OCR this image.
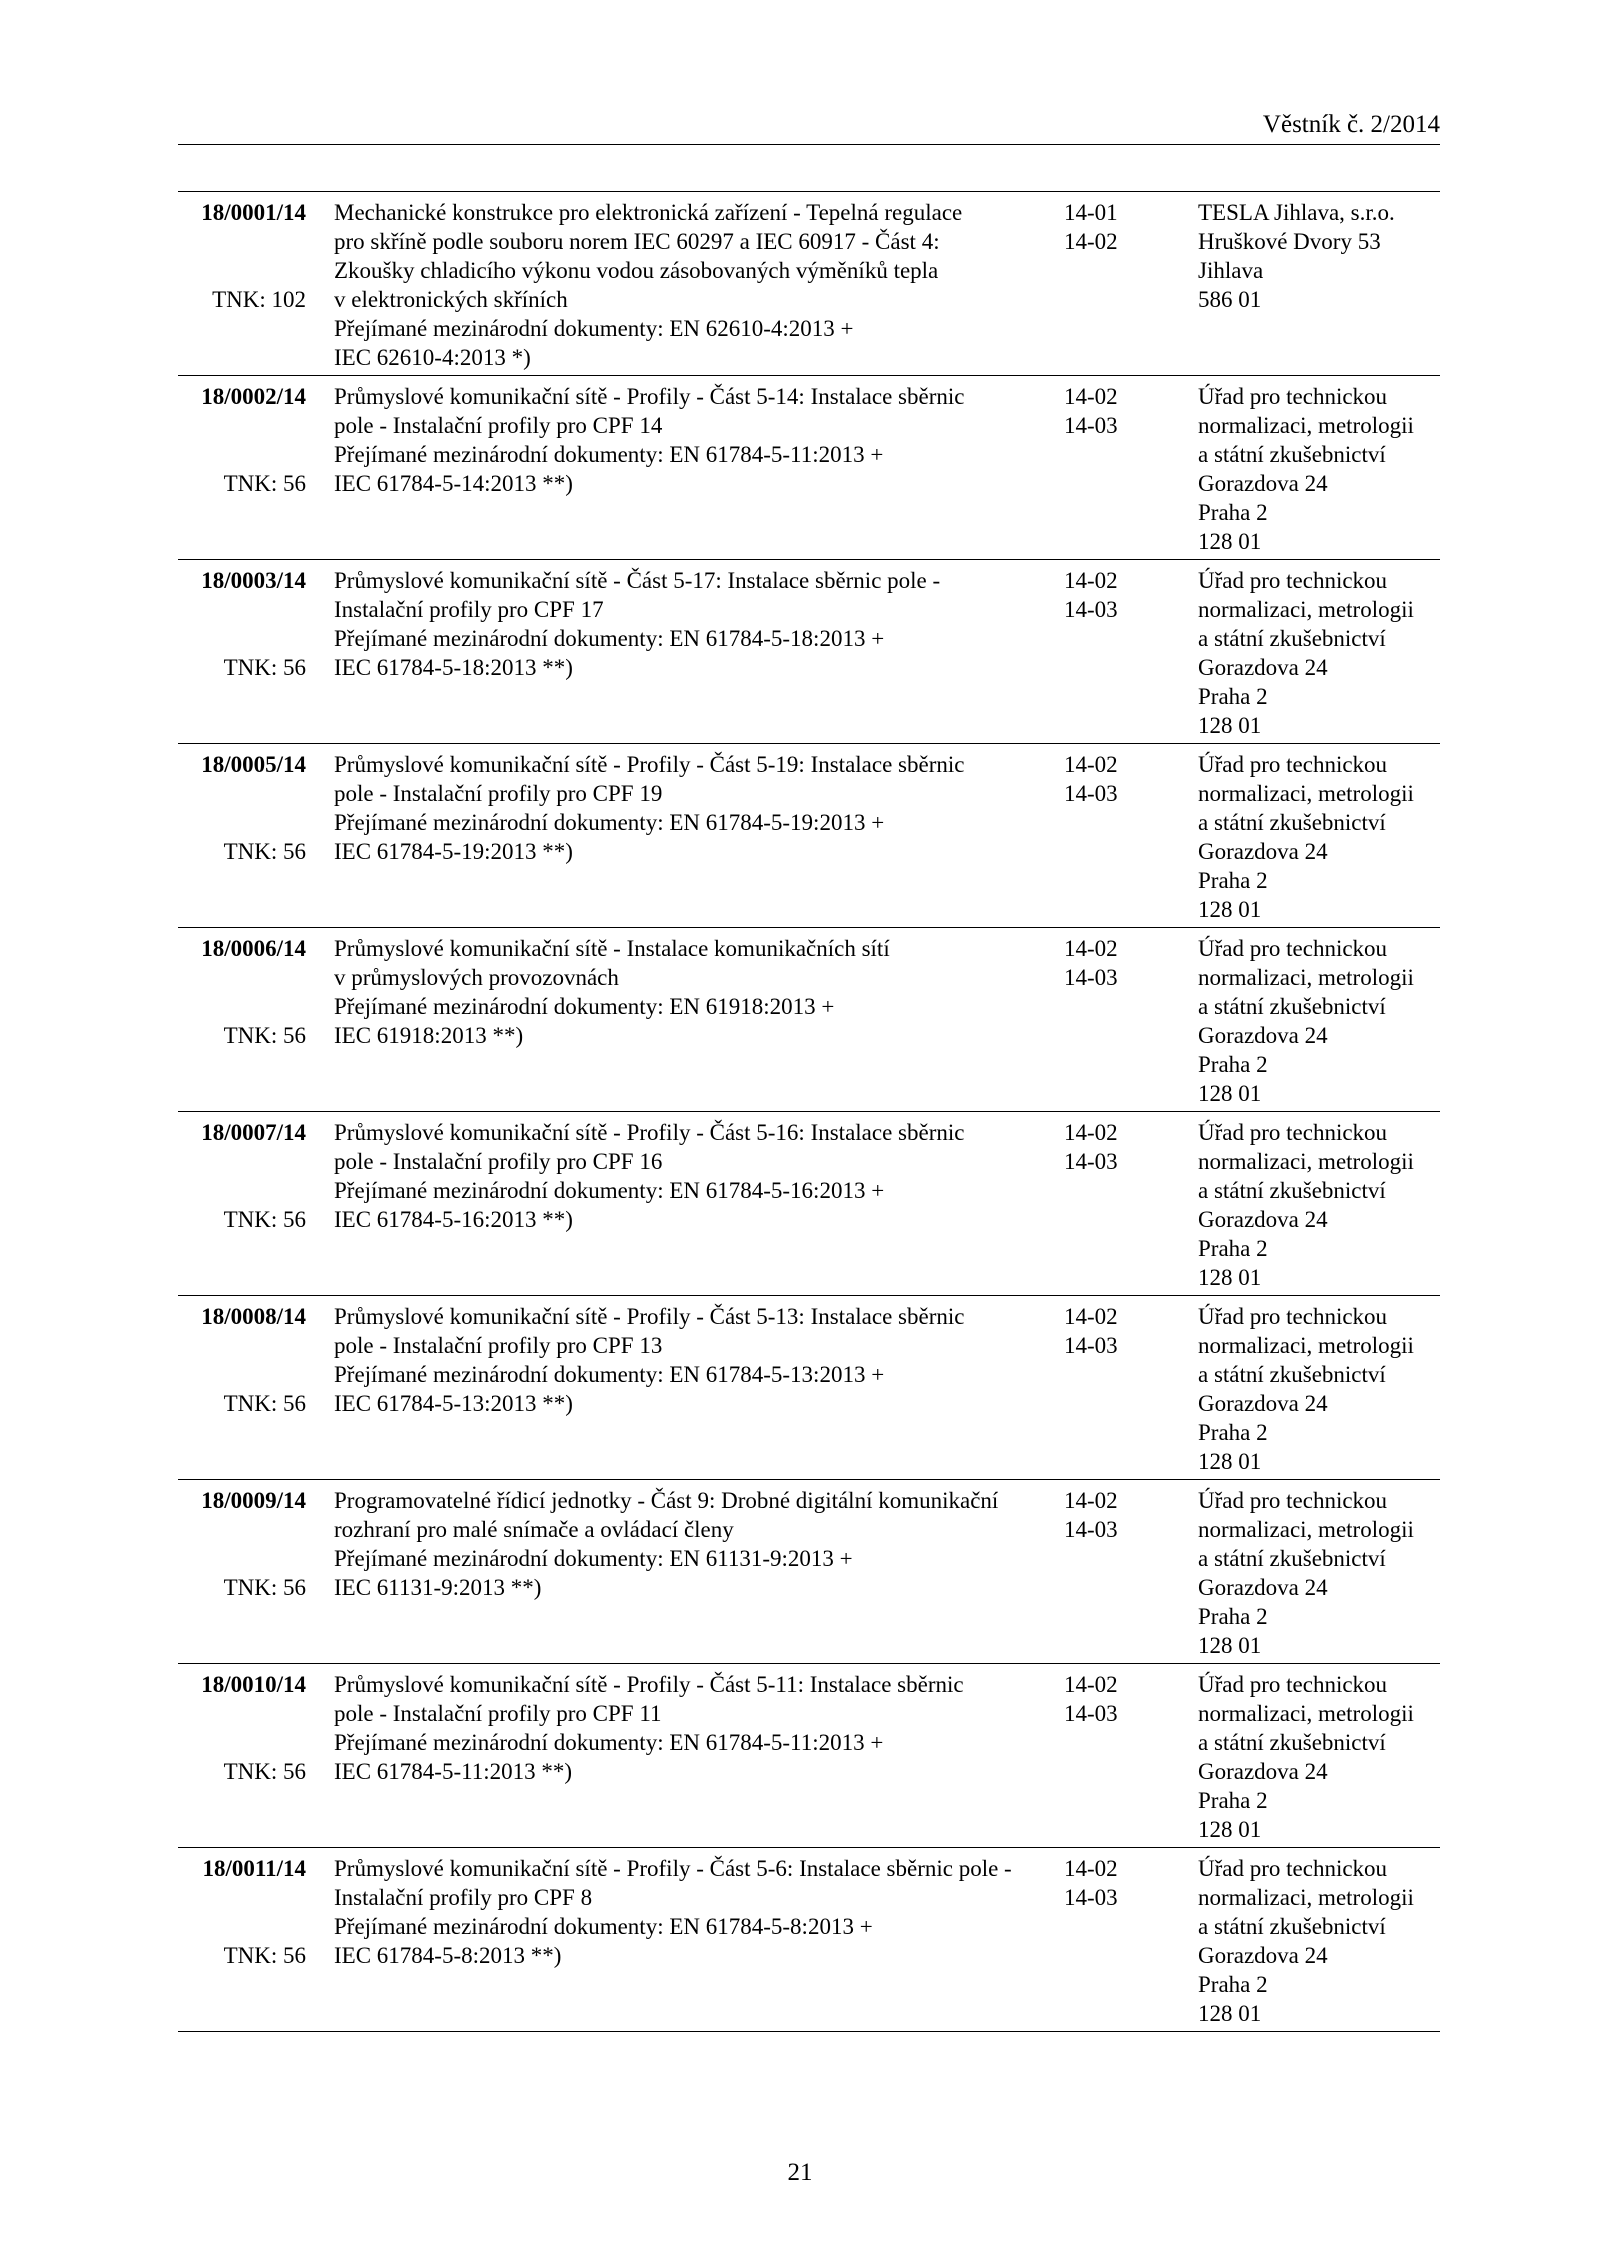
Věstník č. 2/2014
18/0001/14
TNK: 102
Mechanické konstrukce pro elektronická zařízení - Tepelná regulace
pro skříně podle souboru norem IEC 60297 a IEC 60917 - Část 4:
Zkoušky chladicího výkonu vodou zásobovaných výměníků tepla
v elektronických skříních
Přejímané mezinárodní dokumenty: EN 62610-4:2013 +
IEC 62610-4:2013 *)
14-01
14-02
TESLA Jihlava, s.r.o.
Hruškové Dvory 53
Jihlava
586 01
18/0002/14
TNK: 56
Průmyslové komunikační sítě - Profily - Část 5-14: Instalace sběrnic
pole - Instalační profily pro CPF 14
Přejímané mezinárodní dokumenty: EN 61784-5-11:2013 +
IEC 61784-5-14:2013 **)
14-02
14-03
Úřad pro technickou
normalizaci, metrologii
a státní zkušebnictví
Gorazdova 24
Praha 2
128 01
18/0003/14
TNK: 56
Průmyslové komunikační sítě - Část 5-17: Instalace sběrnic pole -
Instalační profily pro CPF 17
Přejímané mezinárodní dokumenty: EN 61784-5-18:2013 +
IEC 61784-5-18:2013 **)
14-02
14-03
Úřad pro technickou
normalizaci, metrologii
a státní zkušebnictví
Gorazdova 24
Praha 2
128 01
18/0005/14
TNK: 56
Průmyslové komunikační sítě - Profily - Část 5-19: Instalace sběrnic
pole - Instalační profily pro CPF 19
Přejímané mezinárodní dokumenty: EN 61784-5-19:2013 +
IEC 61784-5-19:2013 **)
14-02
14-03
Úřad pro technickou
normalizaci, metrologii
a státní zkušebnictví
Gorazdova 24
Praha 2
128 01
18/0006/14
TNK: 56
Průmyslové komunikační sítě - Instalace komunikačních sítí
v průmyslových provozovnách
Přejímané mezinárodní dokumenty: EN 61918:2013 +
IEC 61918:2013 **)
14-02
14-03
Úřad pro technickou
normalizaci, metrologii
a státní zkušebnictví
Gorazdova 24
Praha 2
128 01
18/0007/14
TNK: 56
Průmyslové komunikační sítě - Profily - Část 5-16: Instalace sběrnic
pole - Instalační profily pro CPF 16
Přejímané mezinárodní dokumenty: EN 61784-5-16:2013 +
IEC 61784-5-16:2013 **)
14-02
14-03
Úřad pro technickou
normalizaci, metrologii
a státní zkušebnictví
Gorazdova 24
Praha 2
128 01
18/0008/14
TNK: 56
Průmyslové komunikační sítě - Profily - Část 5-13: Instalace sběrnic
pole - Instalační profily pro CPF 13
Přejímané mezinárodní dokumenty: EN 61784-5-13:2013 +
IEC 61784-5-13:2013 **)
14-02
14-03
Úřad pro technickou
normalizaci, metrologii
a státní zkušebnictví
Gorazdova 24
Praha 2
128 01
18/0009/14
TNK: 56
Programovatelné řídicí jednotky - Část 9: Drobné digitální komunikační
rozhraní pro malé snímače a ovládací členy
Přejímané mezinárodní dokumenty: EN 61131-9:2013 +
IEC 61131-9:2013 **)
14-02
14-03
Úřad pro technickou
normalizaci, metrologii
a státní zkušebnictví
Gorazdova 24
Praha 2
128 01
18/0010/14
TNK: 56
Průmyslové komunikační sítě - Profily - Část 5-11: Instalace sběrnic
pole - Instalační profily pro CPF 11
Přejímané mezinárodní dokumenty: EN 61784-5-11:2013 +
IEC 61784-5-11:2013 **)
14-02
14-03
Úřad pro technickou
normalizaci, metrologii
a státní zkušebnictví
Gorazdova 24
Praha 2
128 01
18/0011/14
TNK: 56
Průmyslové komunikační sítě - Profily - Část 5-6: Instalace sběrnic pole -
Instalační profily pro CPF 8
Přejímané mezinárodní dokumenty: EN 61784-5-8:2013 +
IEC 61784-5-8:2013 **)
14-02
14-03
Úřad pro technickou
normalizaci, metrologii
a státní zkušebnictví
Gorazdova 24
Praha 2
128 01
21
